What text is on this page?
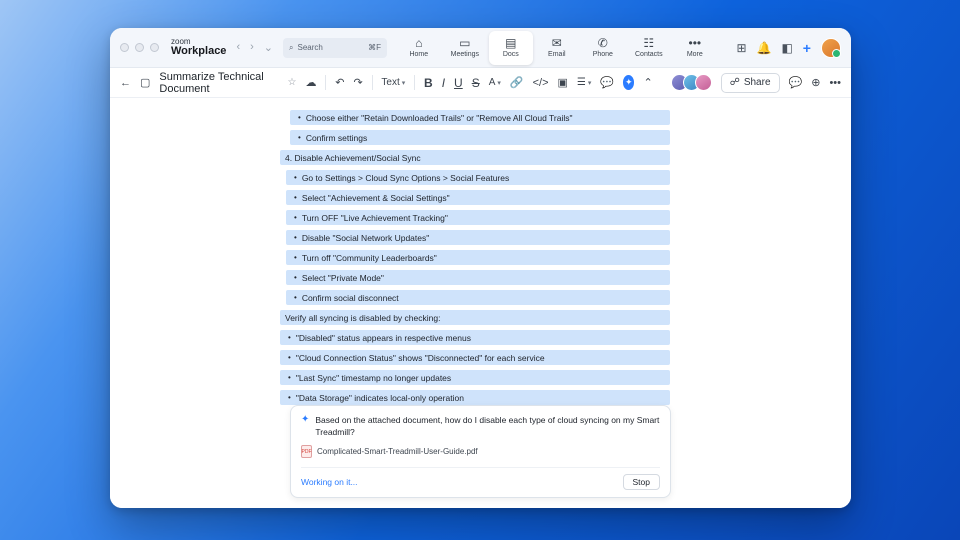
zoom
Workplace ‹ › ⌄ ⌕ Search	⌘F	⌂
Home
▭
Meetings
▤
Docs
✉
Email
✆
Phone
☷
Contacts
•••
More	⊞ 🔔 ◧ +
← ▢
Summarize Technical Document	☆ ☁ ↶ ↷ Text ▾ B I U S A ▾ 🔗 </> ▣ ☰ ▾ 💬 ✦ ⌃	☍ Share 💬 ⊕ •••
• Choose either "Retain Downloaded Trails" or "Remove All Cloud Trails"
• Confirm settings
4. Disable Achievement/Social Sync
• Go to Settings > Cloud Sync Options > Social Features
• Select "Achievement & Social Settings"
• Turn OFF "Live Achievement Tracking"
• Disable "Social Network Updates"
• Turn off "Community Leaderboards"
• Select "Private Mode"
• Confirm social disconnect
Verify all syncing is disabled by checking:
• "Disabled" status appears in respective menus
• "Cloud Connection Status" shows "Disconnected" for each service
• "Last Sync" timestamp no longer updates
• "Data Storage" indicates local-only operation
✦ Based on the attached document, how do I disable each type of cloud syncing on my Smart Treadmill?
PDF Complicated-Smart-Treadmill-User-Guide.pdf
Working on it...	Stop
